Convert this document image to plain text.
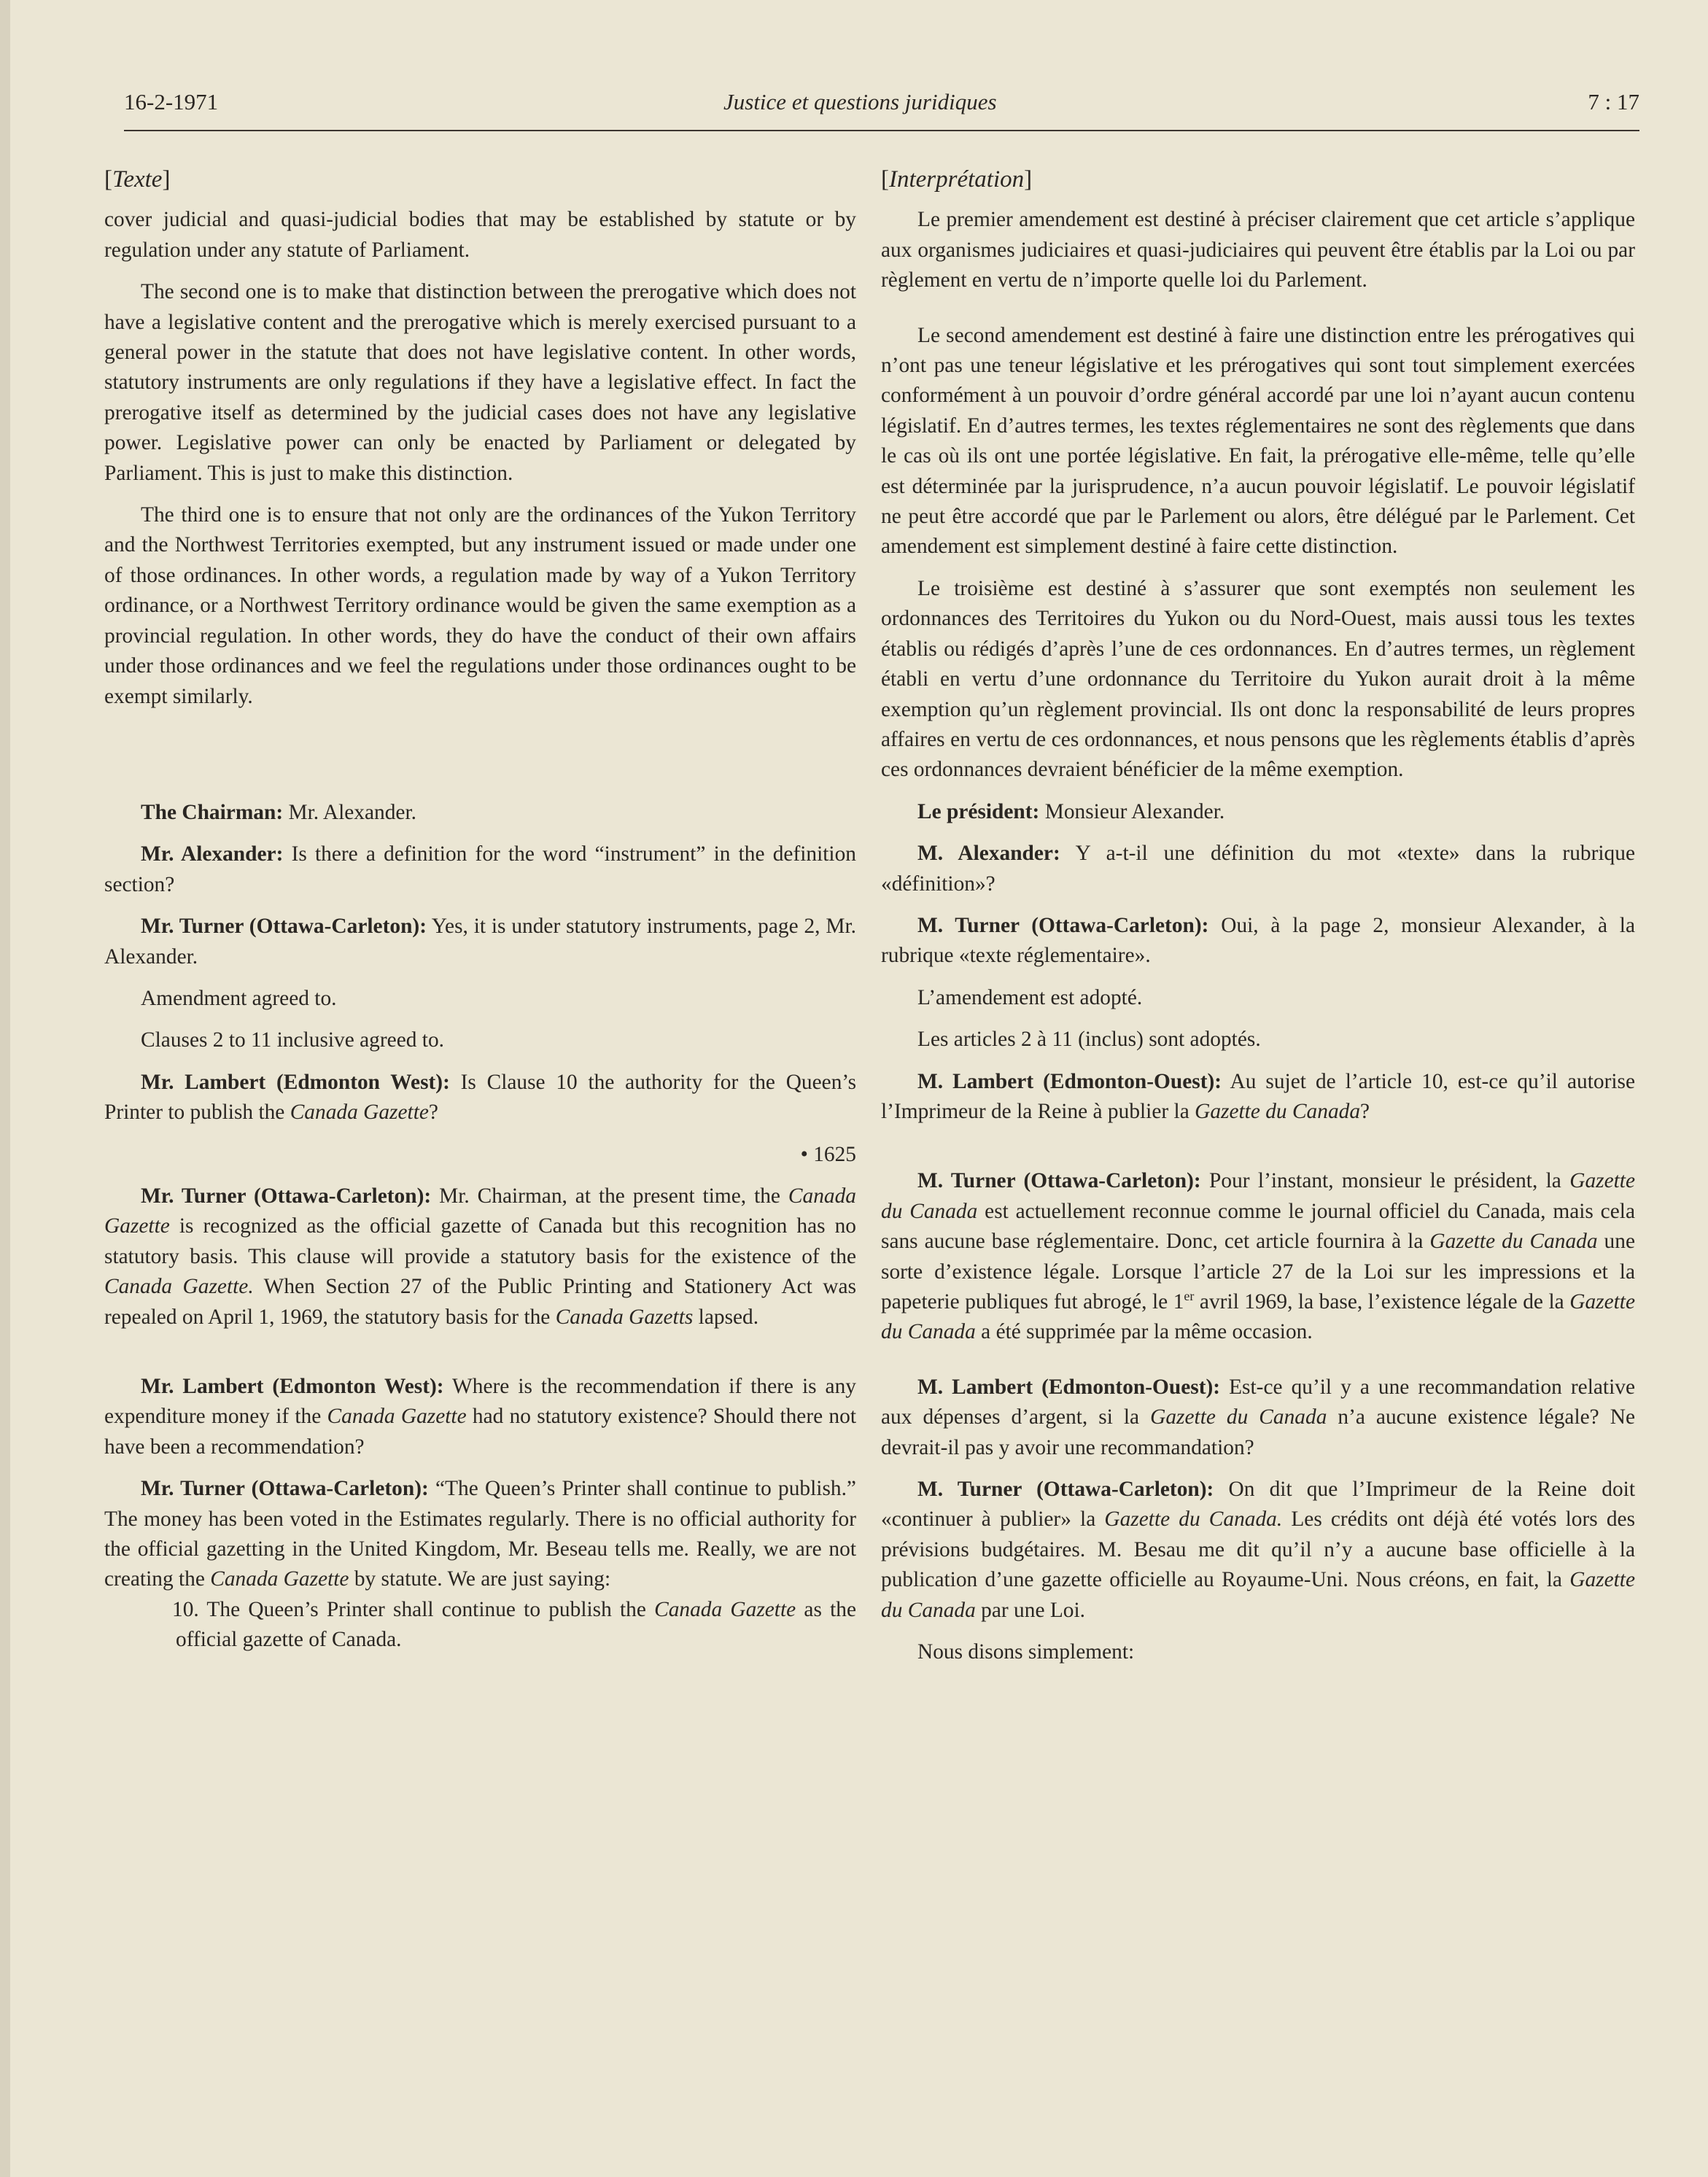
16-2-1971	Justice et questions juridiques	7 : 17

[Texte]

cover judicial and quasi-judicial bodies that may be established by statute or by regulation under any statute of Parliament.

The second one is to make that distinction between the prerogative which does not have a legislative content and the prerogative which is merely exercised pursuant to a general power in the statute that does not have legislative content. In other words, statutory instruments are only regulations if they have a legislative effect. In fact the prerogative itself as determined by the judicial cases does not have any legislative power. Legislative power can only be enacted by Parliament or delegated by Parliament. This is just to make this distinction.

The third one is to ensure that not only are the ordinances of the Yukon Territory and the Northwest Territories exempted, but any instrument issued or made under one of those ordinances. In other words, a regulation made by way of a Yukon Territory ordinance, or a Northwest Territory ordinance would be given the same exemption as a provincial regulation. In other words, they do have the conduct of their own affairs under those ordinances and we feel the regulations under those ordinances ought to be exempt similarly.

The Chairman: Mr. Alexander.

Mr. Alexander: Is there a definition for the word “instrument” in the definition section?

Mr. Turner (Ottawa-Carleton): Yes, it is under statutory instruments, page 2, Mr. Alexander.

Amendment agreed to.

Clauses 2 to 11 inclusive agreed to.

Mr. Lambert (Edmonton West): Is Clause 10 the authority for the Queen’s Printer to publish the Canada Gazette?

• 1625

Mr. Turner (Ottawa-Carleton): Mr. Chairman, at the present time, the Canada Gazette is recognized as the official gazette of Canada but this recognition has no statutory basis. This clause will provide a statutory basis for the existence of the Canada Gazette. When Section 27 of the Public Printing and Stationery Act was repealed on April 1, 1969, the statutory basis for the Canada Gazetts lapsed.

Mr. Lambert (Edmonton West): Where is the recommendation if there is any expenditure money if the Canada Gazette had no statutory existence? Should there not have been a recommendation?

Mr. Turner (Ottawa-Carleton): “The Queen’s Printer shall continue to publish.” The money has been voted in the Estimates regularly. There is no official authority for the official gazetting in the United Kingdom, Mr. Beseau tells me. Really, we are not creating the Canada Gazette by statute. We are just saying:

10. The Queen’s Printer shall continue to publish the Canada Gazette as the official gazette of Canada.

[Interprétation]

Le premier amendement est destiné à préciser clairement que cet article s’applique aux organismes judiciaires et quasi-judiciaires qui peuvent être établis par la Loi ou par règlement en vertu de n’importe quelle loi du Parlement.

Le second amendement est destiné à faire une distinction entre les prérogatives qui n’ont pas une teneur législative et les prérogatives qui sont tout simplement exercées conformément à un pouvoir d’ordre général accordé par une loi n’ayant aucun contenu législatif. En d’autres termes, les textes réglementaires ne sont des règlements que dans le cas où ils ont une portée législative. En fait, la prérogative elle-même, telle qu’elle est déterminée par la jurisprudence, n’a aucun pouvoir législatif. Le pouvoir législatif ne peut être accordé que par le Parlement ou alors, être délégué par le Parlement. Cet amendement est simplement destiné à faire cette distinction.

Le troisième est destiné à s’assurer que sont exemptés non seulement les ordonnances des Territoires du Yukon ou du Nord-Ouest, mais aussi tous les textes établis ou rédigés d’après l’une de ces ordonnances. En d’autres termes, un règlement établi en vertu d’une ordonnance du Territoire du Yukon aurait droit à la même exemption qu’un règlement provincial. Ils ont donc la responsabilité de leurs propres affaires en vertu de ces ordonnances, et nous pensons que les règlements établis d’après ces ordonnances devraient bénéficier de la même exemption.

Le président: Monsieur Alexander.

M. Alexander: Y a-t-il une définition du mot «texte» dans la rubrique «définition»?

M. Turner (Ottawa-Carleton): Oui, à la page 2, monsieur Alexander, à la rubrique «texte réglementaire».

L’amendement est adopté.

Les articles 2 à 11 (inclus) sont adoptés.

M. Lambert (Edmonton-Ouest): Au sujet de l’article 10, est-ce qu’il autorise l’Imprimeur de la Reine à publier la Gazette du Canada?

M. Turner (Ottawa-Carleton): Pour l’instant, monsieur le président, la Gazette du Canada est actuellement reconnue comme le journal officiel du Canada, mais cela sans aucune base réglementaire. Donc, cet article fournira à la Gazette du Canada une sorte d’existence légale. Lorsque l’article 27 de la Loi sur les impressions et la papeterie publiques fut abrogé, le 1er avril 1969, la base, l’existence légale de la Gazette du Canada a été supprimée par la même occasion.

M. Lambert (Edmonton-Ouest): Est-ce qu’il y a une recommandation relative aux dépenses d’argent, si la Gazette du Canada n’a aucune existence légale? Ne devrait-il pas y avoir une recommandation?

M. Turner (Ottawa-Carleton): On dit que l’Imprimeur de la Reine doit «continuer à publier» la Gazette du Canada. Les crédits ont déjà été votés lors des prévisions budgétaires. M. Besau me dit qu’il n’y a aucune base officielle à la publication d’une gazette officielle au Royaume-Uni. Nous créons, en fait, la Gazette du Canada par une Loi.

Nous disons simplement:
